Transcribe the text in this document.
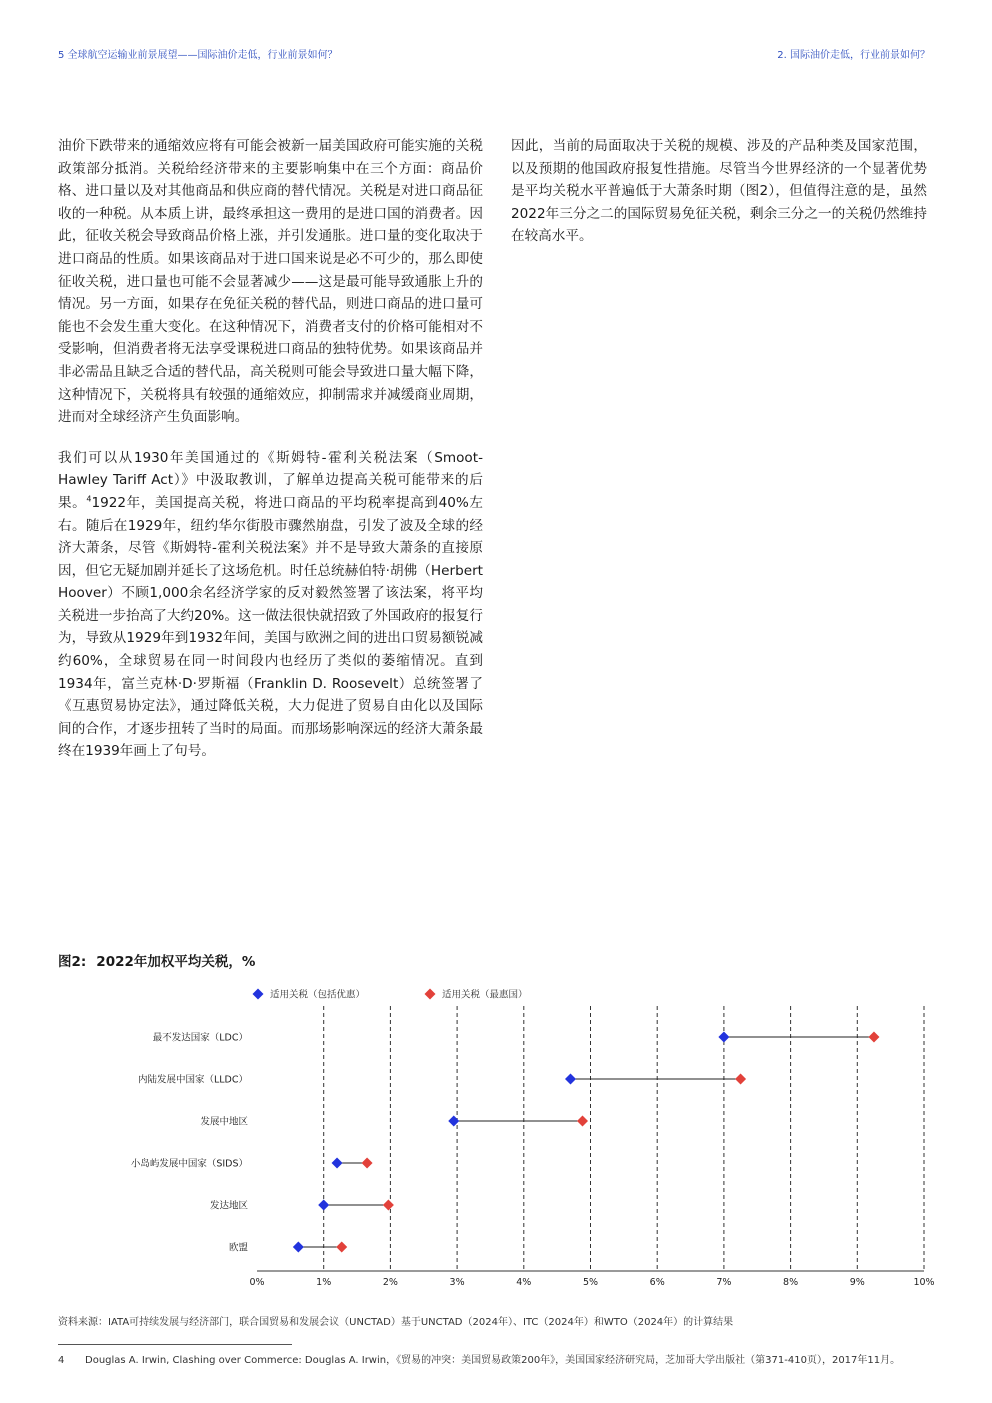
5 全球航空运输业前景展望——国际油价走低，行业前景如何？	2. 国际油价走低，行业前景如何？

油价下跌带来的通缩效应将有可能会被新一届美国政府可能实施的关税政策部分抵消。关税给经济带来的主要影响集中在三个方面：商品价格、进口量以及对其他商品和供应商的替代情况。关税是对进口商品征收的一种税。从本质上讲，最终承担这一费用的是进口国的消费者。因此，征收关税会导致商品价格上涨，并引发通胀。进口量的变化取决于进口商品的性质。如果该商品对于进口国来说是必不可少的，那么即使征收关税，进口量也可能不会显著减少——这是最可能导致通胀上升的情况。另一方面，如果存在免征关税的替代品，则进口商品的进口量可能也不会发生重大变化。在这种情况下，消费者支付的价格可能相对不受影响，但消费者将无法享受课税进口商品的独特优势。如果该商品并非必需品且缺乏合适的替代品，高关税则可能会导致进口量大幅下降，这种情况下，关税将具有较强的通缩效应，抑制需求并减缓商业周期，进而对全球经济产生负面影响。

我们可以从1930年美国通过的《斯姆特-霍利关税法案（Smoot-Hawley Tariff Act）》中汲取教训，了解单边提高关税可能带来的后果。$^4$1922年，美国提高关税，将进口商品的平均税率提高到40%左右。随后在1929年，纽约华尔街股市骤然崩盘，引发了波及全球的经济大萧条，尽管《斯姆特-霍利关税法案》并不是导致大萧条的直接原因，但它无疑加剧并延长了这场危机。时任总统赫伯特·胡佛（Herbert Hoover）不顾1,000余名经济学家的反对毅然签署了该法案，将平均关税进一步抬高了大约20%。这一做法很快就招致了外国政府的报复行为，导致从1929年到1932年间，美国与欧洲之间的进出口贸易额锐减约60%，全球贸易在同一时间段内也经历了类似的萎缩情况。直到1934年，富兰克林·D·罗斯福（Franklin D. Roosevelt）总统签署了《互惠贸易协定法》，通过降低关税，大力促进了贸易自由化以及国际间的合作，才逐步扭转了当时的局面。而那场影响深远的经济大萧条最终在1939年画上了句号。

因此，当前的局面取决于关税的规模、涉及的产品种类及国家范围，以及预期的他国政府报复性措施。尽管当今世界经济的一个显著优势是平均关税水平普遍低于大萧条时期（图2），但值得注意的是，虽然2022年三分之二的国际贸易免征关税，剩余三分之一的关税仍然维持在较高水平。

图2: 2022年加权平均关税，%
适用关税（包括优惠）	适用关税（最惠国）
0%	1%	2%	3%	4%	5%	6%	7%	8%	9%	10%
最不发达国家（LDC）
内陆发展中国家（LLDC）
发展中地区
小岛屿发展中国家（SIDS）
发达地区
欧盟
资料来源：IATA可持续发展与经济部门，联合国贸易和发展会议（UNCTAD）基于UNCTAD（2024年）、ITC（2024年）和WTO（2024年）的计算结果
4 Douglas A. Irwin, Clashing over Commerce: Douglas A. Irwin，《贸易的冲突：美国贸易政策200年》，美国国家经济研究局，芝加哥大学出版社（第371-410页），2017年11月。
